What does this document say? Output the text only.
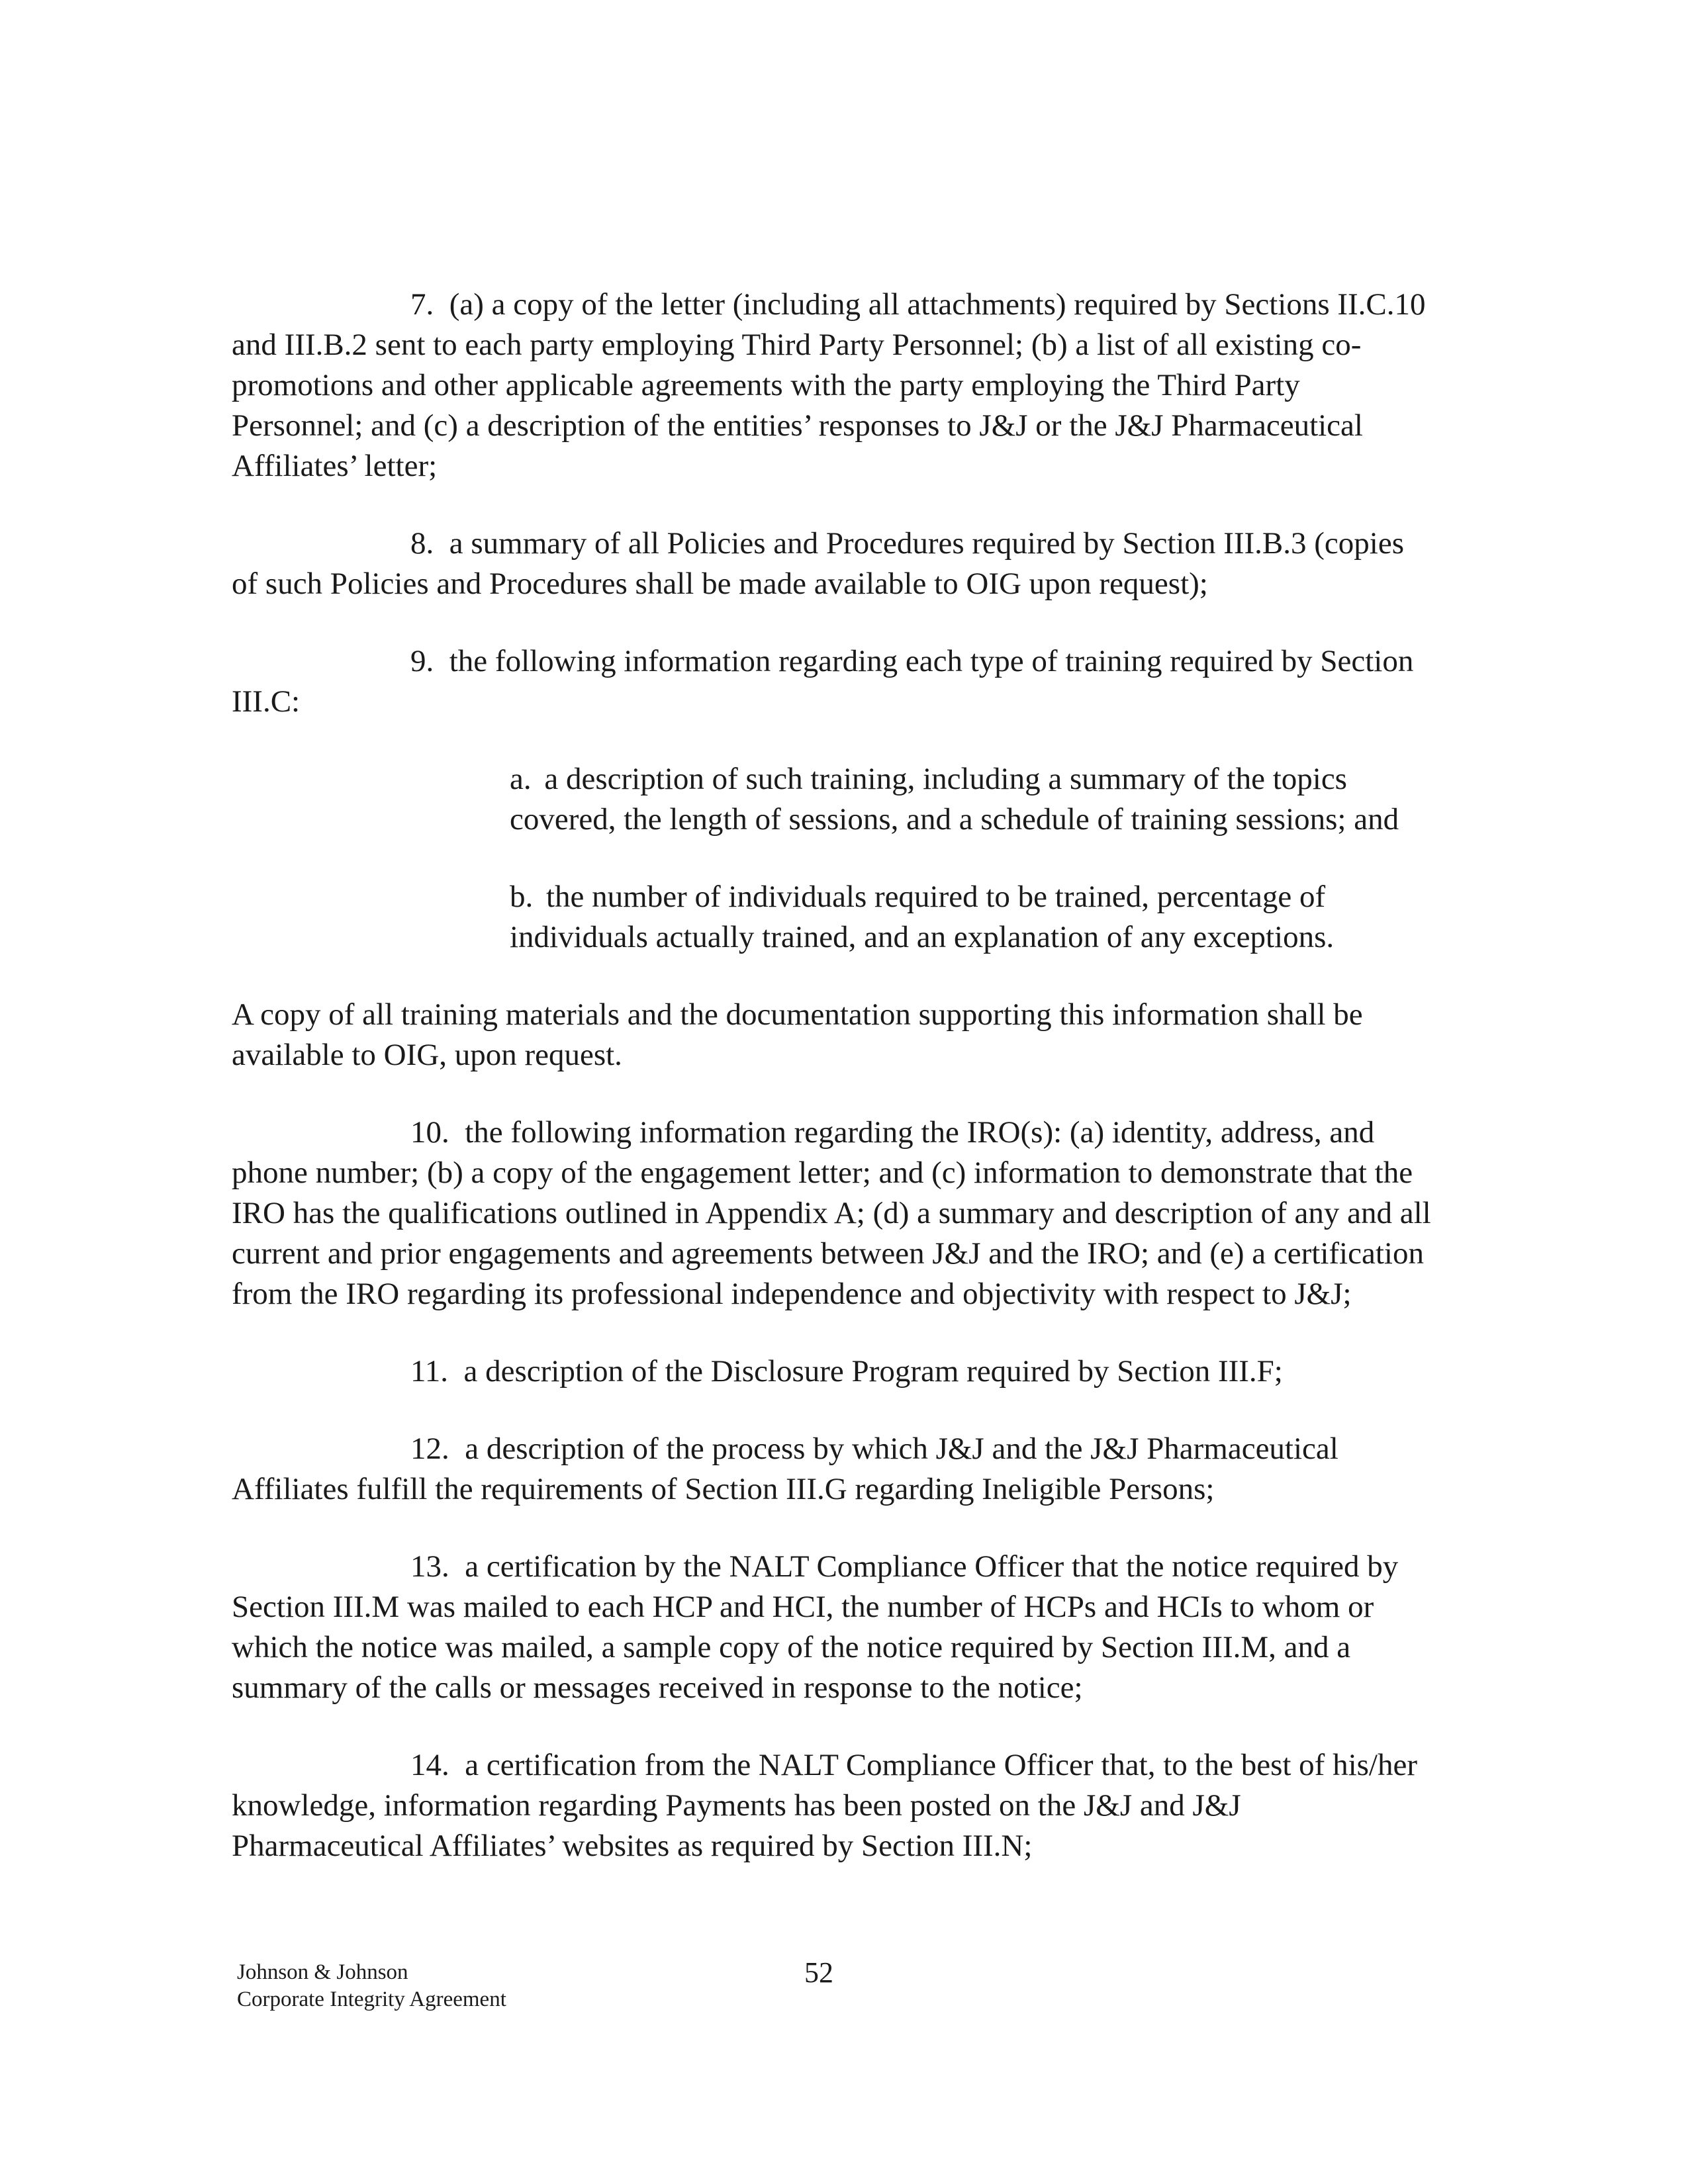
7. (a) a copy of the letter (including all attachments) required by Sections II.C.10 and III.B.2 sent to each party employing Third Party Personnel; (b) a list of all existing co-promotions and other applicable agreements with the party employing the Third Party Personnel; and (c) a description of the entities’ responses to J&J or the J&J Pharmaceutical Affiliates’ letter;

8. a summary of all Policies and Procedures required by Section III.B.3 (copies of such Policies and Procedures shall be made available to OIG upon request);

9. the following information regarding each type of training required by Section III.C:

a. a description of such training, including a summary of the topics covered, the length of sessions, and a schedule of training sessions; and

b. the number of individuals required to be trained, percentage of individuals actually trained, and an explanation of any exceptions.

A copy of all training materials and the documentation supporting this information shall be available to OIG, upon request.

10. the following information regarding the IRO(s): (a) identity, address, and phone number; (b) a copy of the engagement letter; and (c) information to demonstrate that the IRO has the qualifications outlined in Appendix A; (d) a summary and description of any and all current and prior engagements and agreements between J&J and the IRO; and (e) a certification from the IRO regarding its professional independence and objectivity with respect to J&J;

11. a description of the Disclosure Program required by Section III.F;

12. a description of the process by which J&J and the J&J Pharmaceutical Affiliates fulfill the requirements of Section III.G regarding Ineligible Persons;

13. a certification by the NALT Compliance Officer that the notice required by Section III.M was mailed to each HCP and HCI, the number of HCPs and HCIs to whom or which the notice was mailed, a sample copy of the notice required by Section III.M, and a summary of the calls or messages received in response to the notice;

14. a certification from the NALT Compliance Officer that, to the best of his/her knowledge, information regarding Payments has been posted on the J&J and J&J Pharmaceutical Affiliates’ websites as required by Section III.N;

Johnson & Johnson
Corporate Integrity Agreement
52
